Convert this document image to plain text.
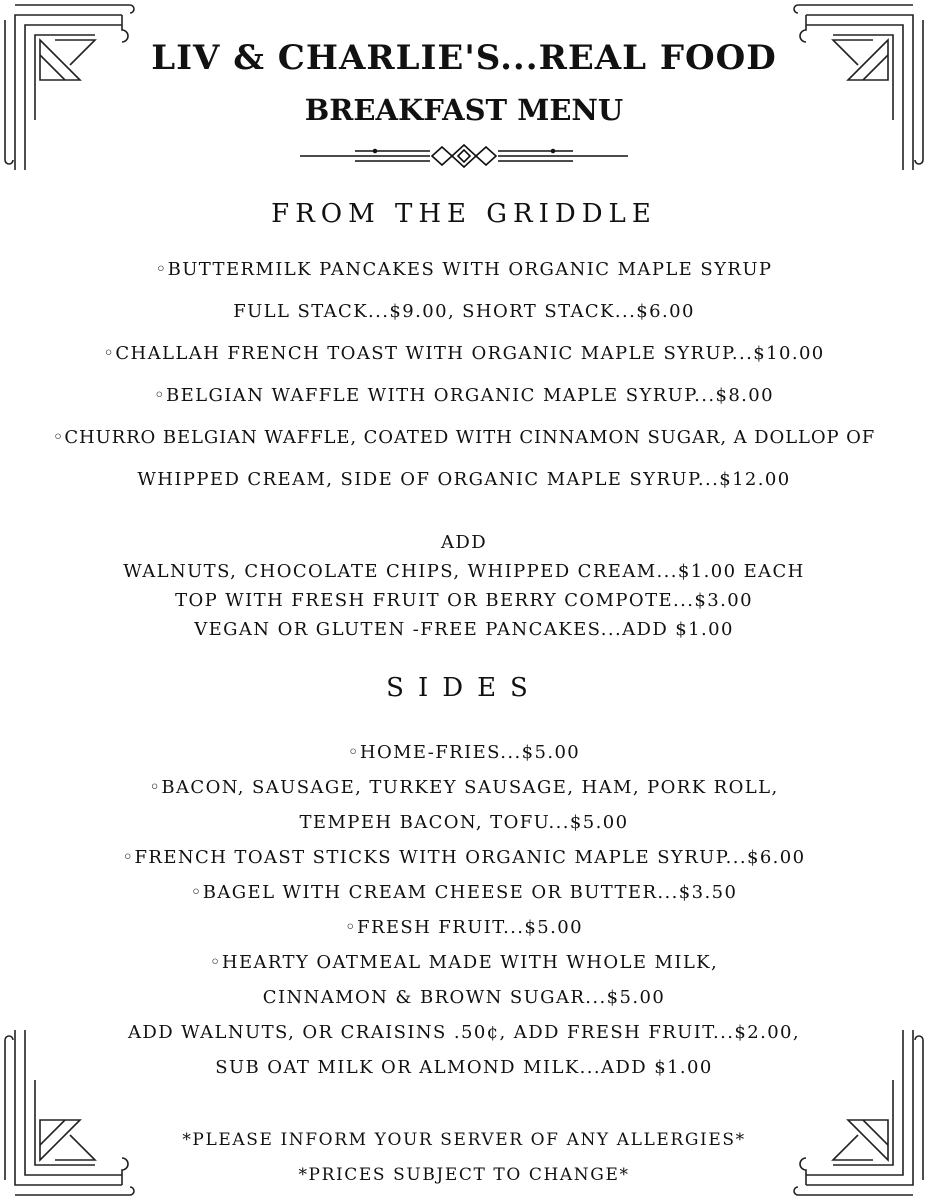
LIV & CHARLIE'S...REAL FOOD
BREAKFAST MENU
FROM THE GRIDDLE
◦BUTTERMILK PANCAKES WITH ORGANIC MAPLE SYRUP
FULL STACK...$9.00, SHORT STACK...$6.00
◦CHALLAH FRENCH TOAST WITH ORGANIC MAPLE SYRUP...$10.00
◦BELGIAN WAFFLE WITH ORGANIC MAPLE SYRUP...$8.00
◦CHURRO BELGIAN WAFFLE, COATED WITH CINNAMON SUGAR, A DOLLOP OF
WHIPPED CREAM, SIDE OF ORGANIC MAPLE SYRUP...$12.00
ADD
WALNUTS, CHOCOLATE CHIPS, WHIPPED CREAM...$1.00 EACH
TOP WITH FRESH FRUIT OR BERRY COMPOTE...$3.00
VEGAN OR GLUTEN -FREE PANCAKES...ADD $1.00
SIDES
◦HOME-FRIES...$5.00
◦BACON, SAUSAGE, TURKEY SAUSAGE, HAM, PORK ROLL,
TEMPEH BACON, TOFU...$5.00
◦FRENCH TOAST STICKS WITH ORGANIC MAPLE SYRUP...$6.00
◦BAGEL WITH CREAM CHEESE OR BUTTER...$3.50
◦FRESH FRUIT...$5.00
◦HEARTY OATMEAL MADE WITH WHOLE MILK,
CINNAMON & BROWN SUGAR...$5.00
ADD WALNUTS, OR CRAISINS .50¢, ADD FRESH FRUIT...$2.00,
SUB OAT MILK OR ALMOND MILK...ADD $1.00
*PLEASE INFORM YOUR SERVER OF ANY ALLERGIES*
*PRICES SUBJECT TO CHANGE*
